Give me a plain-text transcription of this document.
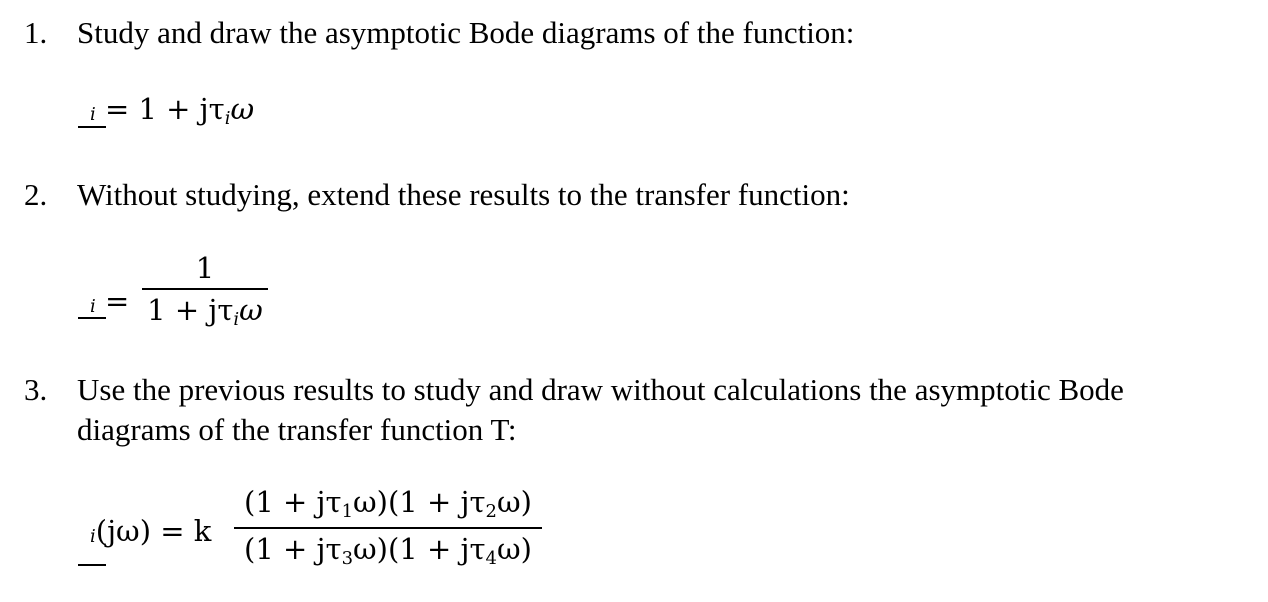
1. Study and draw the asymptotic Bode diagrams of the function:
i = 1 + jτiω
2. Without studying, extend these results to the transfer function:
i =
1
1 + jτiω
3. Use the previous results to study and draw without calculations the asymptotic Bode
diagrams of the transfer function T:
i(jω) = k
(1 + jτ1ω)(1 + jτ2ω)
(1 + jτ3ω)(1 + jτ4ω)
